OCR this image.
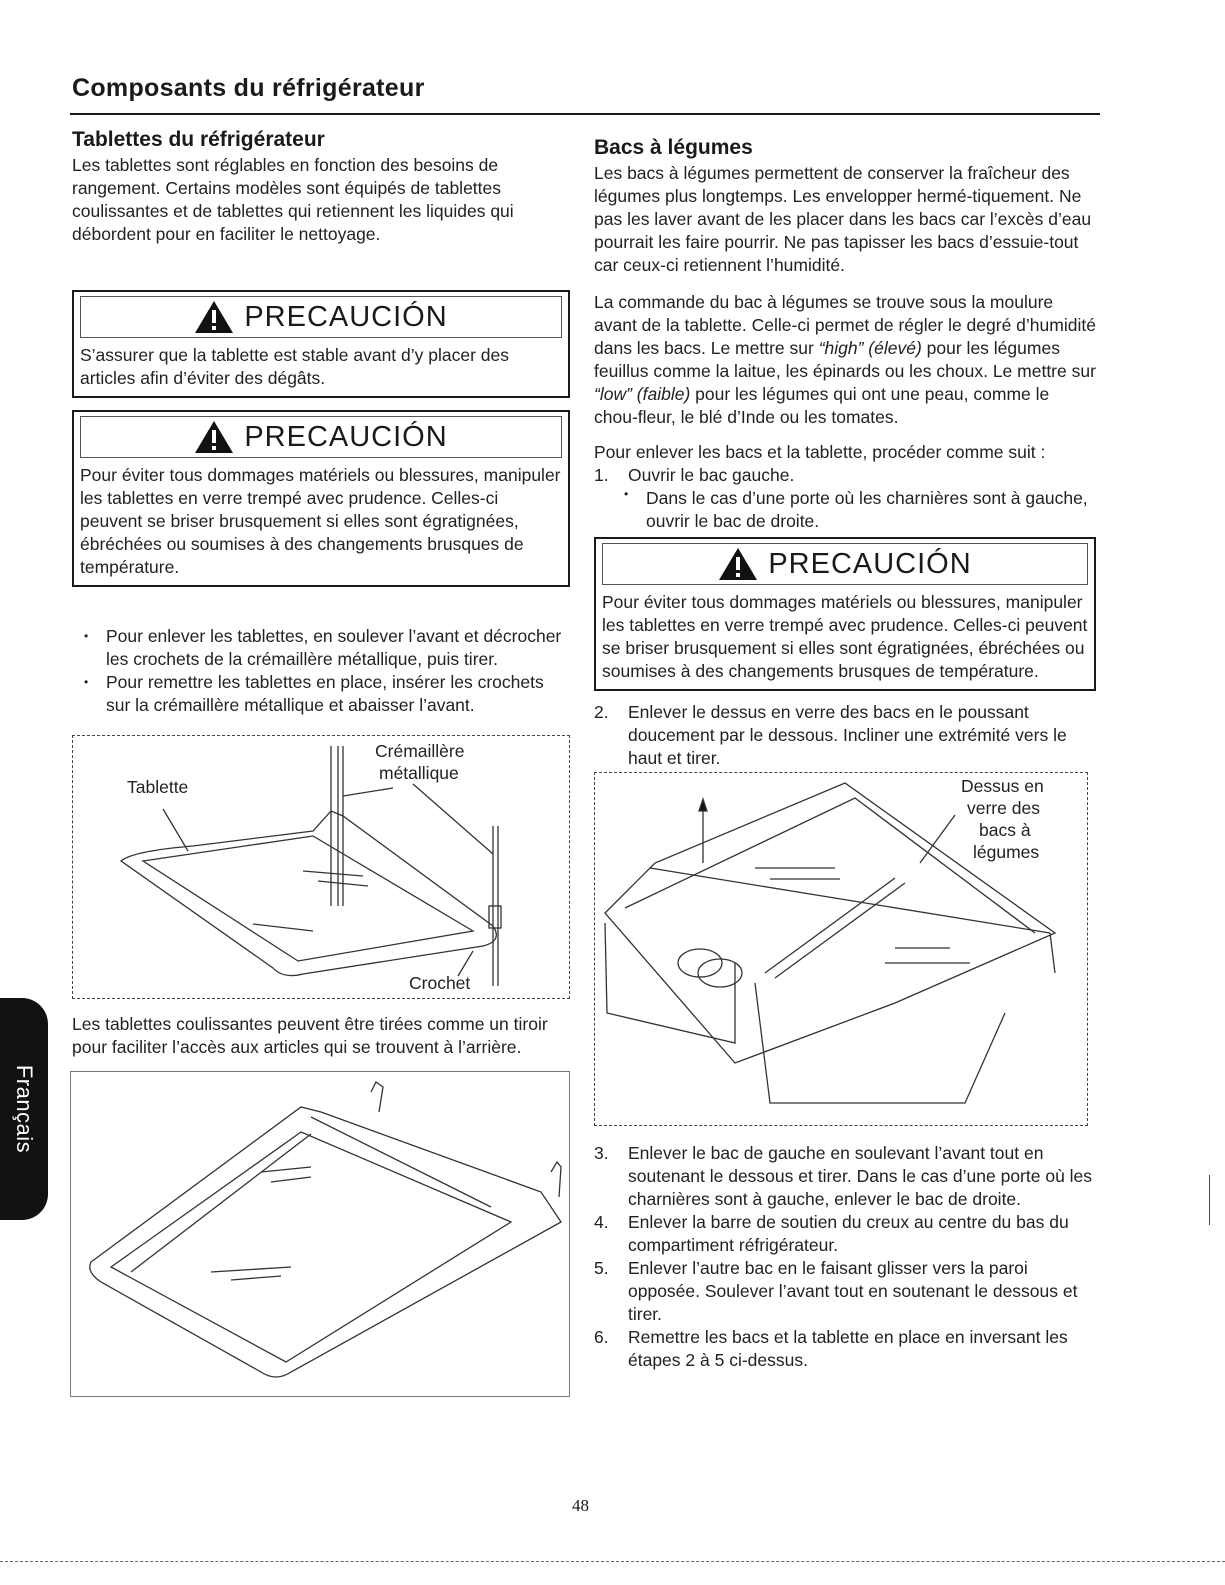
Composants du réfrigérateur
Tablettes du réfrigérateur

Les tablettes sont réglables en fonction des besoins de rangement. Certains modèles sont équipés de tablettes coulissantes et de tablettes qui retiennent les liquides qui débordent pour en faciliter le nettoyage.

PRECAUCIÓN

S’assurer que la tablette est stable avant d’y placer des articles afin d’éviter des dégâts.

PRECAUCIÓN

Pour éviter tous dommages matériels ou blessures, manipuler les tablettes en verre trempé avec prudence. Celles-ci peuvent se briser brusquement si elles sont égratignées, ébréchées ou soumises à des changements brusques de température.

• Pour enlever les tablettes, en soulever l’avant et décrocher les crochets de la crémaillère métallique, puis tirer.
• Pour remettre les tablettes en place, insérer les crochets sur la crémaillère métallique et abaisser l’avant.
Tablette
Crémaillère
métallique
Crochet

Les tablettes coulissantes peuvent être tirées comme un tiroir pour faciliter l’accès aux articles qui se trouvent à l’arrière.

Bacs à légumes

Les bacs à légumes permettent de conserver la fraîcheur des légumes plus longtemps. Les envelopper hermé-tiquement. Ne pas les laver avant de les placer dans les bacs car l’excès d’eau pourrait les faire pourrir. Ne pas tapisser les bacs d’essuie-tout car ceux-ci retiennent l’humidité.

La commande du bac à légumes se trouve sous la moulure avant de la tablette. Celle-ci permet de régler le degré d’humidité dans les bacs. Le mettre sur “high” (élevé) pour les légumes feuillus comme la laitue, les épinards ou les choux. Le mettre sur “low” (faible) pour les légumes qui ont une peau, comme le chou-fleur, le blé d’Inde ou les tomates.

Pour enlever les bacs et la tablette, procéder comme suit :

1. Ouvrir le bac gauche.

• Dans le cas d’une porte où les charnières sont à gauche, ouvrir le bac de droite.

PRECAUCIÓN

Pour éviter tous dommages matériels ou blessures, manipuler les tablettes en verre trempé avec prudence. Celles-ci peuvent se briser brusquement si elles sont égratignées, ébréchées ou soumises à des changements brusques de température.

2. Enlever le dessus en verre des bacs en le poussant doucement par le dessous. Incliner une extrémité vers le haut et tirer.
Dessus en
verre des
bacs à
légumes
3. Enlever le bac de gauche en soulevant l’avant tout en soutenant le dessous et tirer. Dans le cas d’une porte où les charnières sont à gauche, enlever le bac de droite.
4. Enlever la barre de soutien du creux au centre du bas du compartiment réfrigérateur.
5. Enlever l’autre bac en le faisant glisser vers la paroi opposée. Soulever l’avant tout en soutenant le dessous et tirer.
6. Remettre les bacs et la tablette en place en inversant les étapes 2 à 5 ci-dessus.
Français
48
